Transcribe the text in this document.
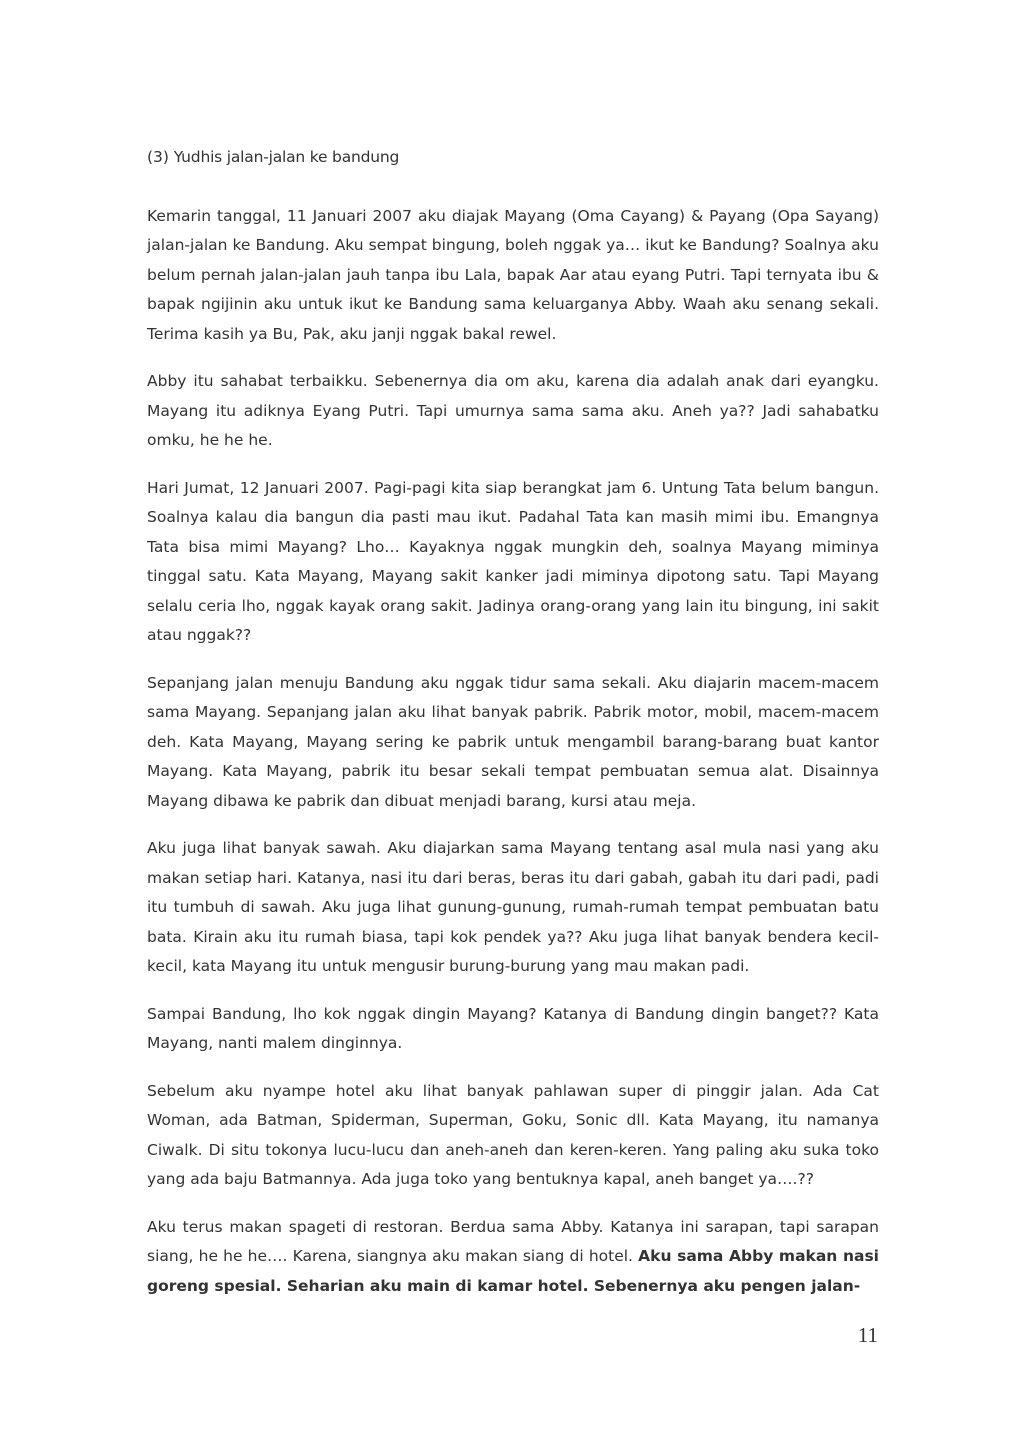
(3) Yudhis jalan-jalan ke bandung

Kemarin tanggal, 11 Januari 2007 aku diajak Mayang (Oma Cayang) & Payang (Opa Sayang) jalan-jalan ke Bandung. Aku sempat bingung, boleh nggak ya… ikut ke Bandung? Soalnya aku belum pernah jalan-jalan jauh tanpa ibu Lala, bapak Aar atau eyang Putri. Tapi ternyata ibu & bapak ngijinin aku untuk ikut ke Bandung sama keluarganya Abby. Waah aku senang sekali. Terima kasih ya Bu, Pak, aku janji nggak bakal rewel.

Abby itu sahabat terbaikku. Sebenernya dia om aku, karena dia adalah anak dari eyangku. Mayang itu adiknya Eyang Putri. Tapi umurnya sama sama aku. Aneh ya?? Jadi sahabatku omku, he he he.

Hari Jumat, 12 Januari 2007. Pagi-pagi kita siap berangkat jam 6. Untung Tata belum bangun. Soalnya kalau dia bangun dia pasti mau ikut. Padahal Tata kan masih mimi ibu. Emangnya Tata bisa mimi Mayang? Lho… Kayaknya nggak mungkin deh, soalnya Mayang miminya tinggal satu. Kata Mayang, Mayang sakit kanker jadi miminya dipotong satu. Tapi Mayang selalu ceria lho, nggak kayak orang sakit. Jadinya orang-orang yang lain itu bingung, ini sakit atau nggak??

Sepanjang jalan menuju Bandung aku nggak tidur sama sekali. Aku diajarin macem-macem sama Mayang. Sepanjang jalan aku lihat banyak pabrik. Pabrik motor, mobil, macem-macem deh. Kata Mayang, Mayang sering ke pabrik untuk mengambil barang-barang buat kantor Mayang. Kata Mayang, pabrik itu besar sekali tempat pembuatan semua alat. Disainnya Mayang dibawa ke pabrik dan dibuat menjadi barang, kursi atau meja.

Aku juga lihat banyak sawah. Aku diajarkan sama Mayang tentang asal mula nasi yang aku makan setiap hari. Katanya, nasi itu dari beras, beras itu dari gabah, gabah itu dari padi, padi itu tumbuh di sawah. Aku juga lihat gunung-gunung, rumah-rumah tempat pembuatan batu bata. Kirain aku itu rumah biasa, tapi kok pendek ya?? Aku juga lihat banyak bendera kecil-kecil, kata Mayang itu untuk mengusir burung-burung yang mau makan padi.

Sampai Bandung, lho kok nggak dingin Mayang? Katanya di Bandung dingin banget?? Kata Mayang, nanti malem dinginnya.

Sebelum aku nyampe hotel aku lihat banyak pahlawan super di pinggir jalan. Ada Cat Woman, ada Batman, Spiderman, Superman, Goku, Sonic dll. Kata Mayang, itu namanya Ciwalk. Di situ tokonya lucu-lucu dan aneh-aneh dan keren-keren. Yang paling aku suka toko yang ada baju Batmannya. Ada juga toko yang bentuknya kapal, aneh banget ya….??

Aku terus makan spageti di restoran. Berdua sama Abby. Katanya ini sarapan, tapi sarapan siang, he he he…. Karena, siangnya aku makan siang di hotel. Aku sama Abby makan nasi goreng spesial. Seharian aku main di kamar hotel. Sebenernya aku pengen jalan-

11
